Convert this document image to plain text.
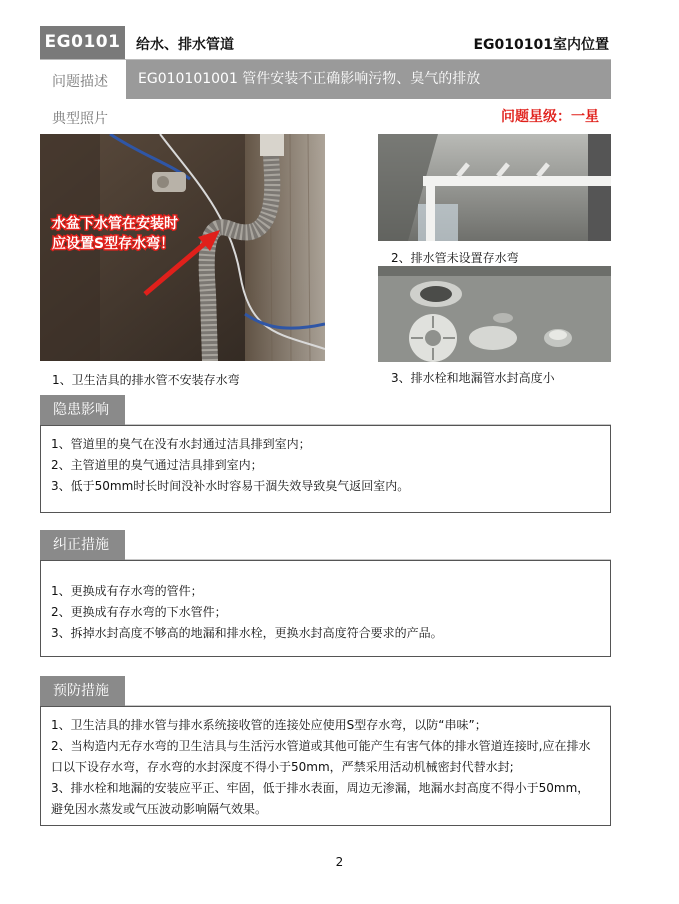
EG0101	给水、排水管道	EG010101室内位置
问题描述	EG010101001 管件安装不正确影响污物、臭气的排放
典型照片	问题星级：一星
水盆下水管在安装时
应设置S型存水弯！
1、卫生洁具的排水管不安装存水弯
2、排水管未设置存水弯
3、排水栓和地漏管水封高度小
隐患影响

1、管道里的臭气在没有水封通过洁具排到室内；

2、主管道里的臭气通过洁具排到室内；

3、低于50mm时长时间没补水时容易干涸失效导致臭气返回室内。

纠正措施

1、更换成有存水弯的管件；

2、更换成有存水弯的下水管件；

3、拆掉水封高度不够高的地漏和排水栓，更换水封高度符合要求的产品。

预防措施

1、卫生洁具的排水管与排水系统接收管的连接处应使用S型存水弯，以防“串味”；

2、当构造内无存水弯的卫生洁具与生活污水管道或其他可能产生有害气体的排水管道连接时,应在排水口以下设存水弯，存水弯的水封深度不得小于50mm，严禁采用活动机械密封代替水封;

3、排水栓和地漏的安装应平正、牢固，低于排水表面，周边无渗漏，地漏水封高度不得小于50mm，避免因水蒸发或气压波动影响隔气效果。

2
